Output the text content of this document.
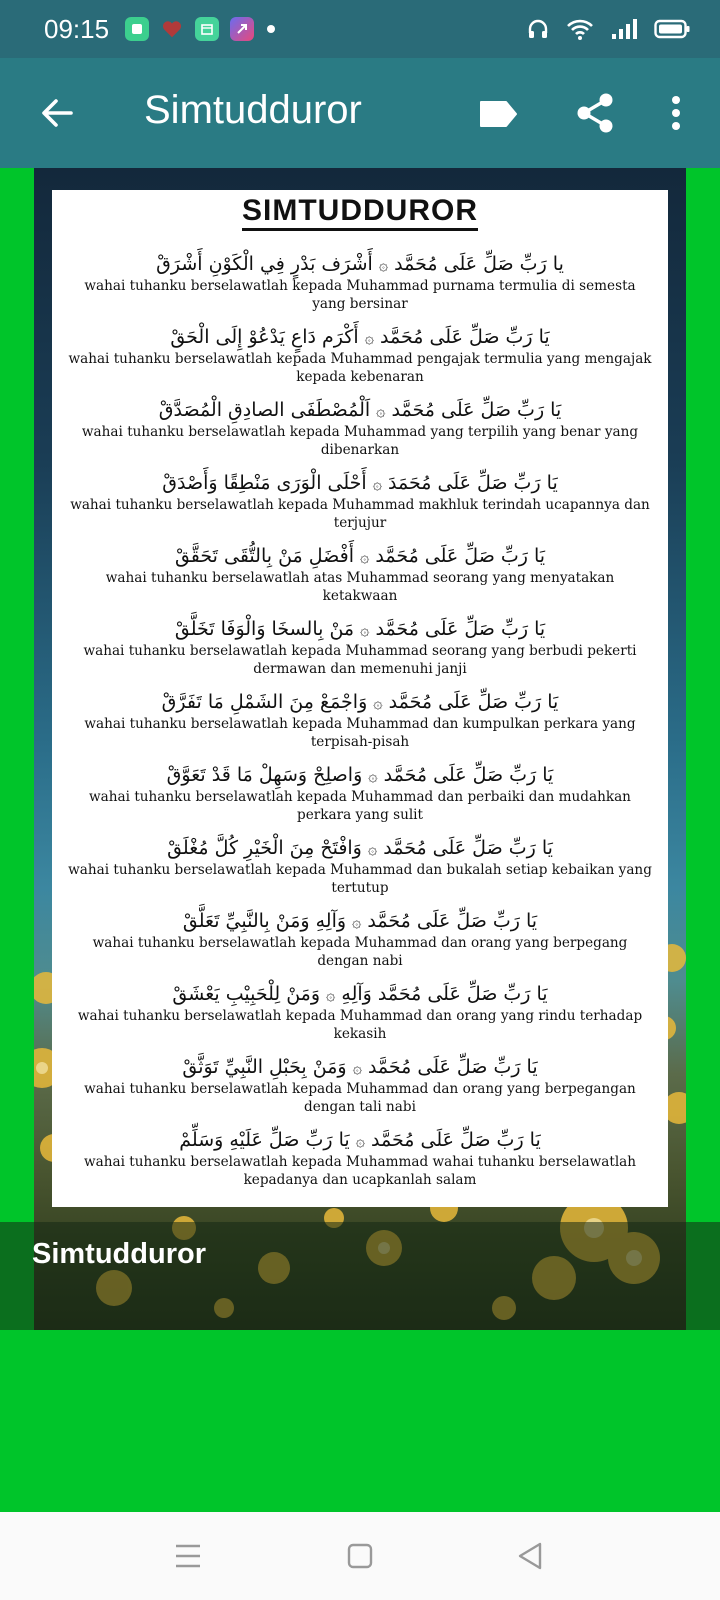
09:15
Simtudduror
SIMTUDDUROR
يا رَبِّ صَلِّ عَلَى مُحَمَّد۞أَشْرَف بَدْرٍ فِي الْكَوْنِ أَشْرَقْ
wahai tuhanku berselawatlah kepada Muhammad purnama termulia di semesta yang bersinar
يَا رَبِّ صَلِّ عَلَى مُحَمَّد۞أَكْرَم دَاعٍ يَدْعُوْ إِلَى الْحَقْ
wahai tuhanku berselawatlah kepada Muhammad pengajak termulia yang mengajak kepada kebenaran
يَا رَبِّ صَلِّ عَلَى مُحَمَّد۞اَلْمُصْطَفَى الصادِقِ الْمُصَدَّقْ
wahai tuhanku berselawatlah kepada Muhammad yang terpilih yang benar yang dibenarkan
يَا رَبِّ صَلِّ عَلَى مُحَمَدَ۞أَحْلَى الْوَرَى مَنْطِقًا وَأَصْدَقْ
wahai tuhanku berselawatlah kepada Muhammad makhluk terindah ucapannya dan terjujur
يَا رَبِّ صَلِّ عَلَى مُحَمَّد۞أَفْضَلِ مَنْ بِالتُّقَى تَحَقَّقْ
wahai tuhanku berselawatlah atas Muhammad seorang yang menyatakan ketakwaan
يَا رَبِّ صَلِّ عَلَى مُحَمَّد۞مَنْ بِالسخَا وَالْوَفَا تَخَلَّقْ
wahai tuhanku berselawatlah kepada Muhammad seorang yang berbudi pekerti dermawan dan memenuhi janji
يَا رَبِّ صَلِّ عَلَى مُحَمَّد۞وَاجْمَعْ مِنَ الشَمْلِ مَا تَفَرَّقْ
wahai tuhanku berselawatlah kepada Muhammad dan kumpulkan perkara yang terpisah-pisah
يَا رَبِّ صَلِّ عَلَى مُحَمَّد۞وَاصلِحْ وَسَهِلْ مَا قَدْ تَعَوَّقْ
wahai tuhanku berselawatlah kepada Muhammad dan perbaiki dan mudahkan perkara yang sulit
يَا رَبِّ صَلِّ عَلَى مُحَمَّد۞وَافْتَحْ مِنَ الْخَيْرِ كُلَّ مُغْلَقْ
wahai tuhanku berselawatlah kepada Muhammad dan bukalah setiap kebaikan yang tertutup
يَا رَبِّ صَلِّ عَلَى مُحَمَّد۞وَآلِهِ وَمَنْ بِالنَّبِيِّ تَعَلَّقْ
wahai tuhanku berselawatlah kepada Muhammad dan orang yang berpegang dengan nabi
يَا رَبِّ صَلِّ عَلَى مُحَمَّد وَآلِهِ۞وَمَنْ لِلْحَبِيْبِ يَعْشَقْ
wahai tuhanku berselawatlah kepada Muhammad dan orang yang rindu terhadap kekasih
يَا رَبِّ صَلِّ عَلَى مُحَمَّد۞وَمَنْ بِحَبْلِ النَّبِيِّ تَوَثَّقْ
wahai tuhanku berselawatlah kepada Muhammad dan orang yang berpegangan dengan tali nabi
يَا رَبِّ صَلِّ عَلَى مُحَمَّد۞يَا رَبِّ صَلِّ عَلَيْهِ وَسَلِّمْ
wahai tuhanku berselawatlah kepada Muhammad wahai tuhanku berselawatlah kepadanya dan ucapkanlah salam
Simtudduror
